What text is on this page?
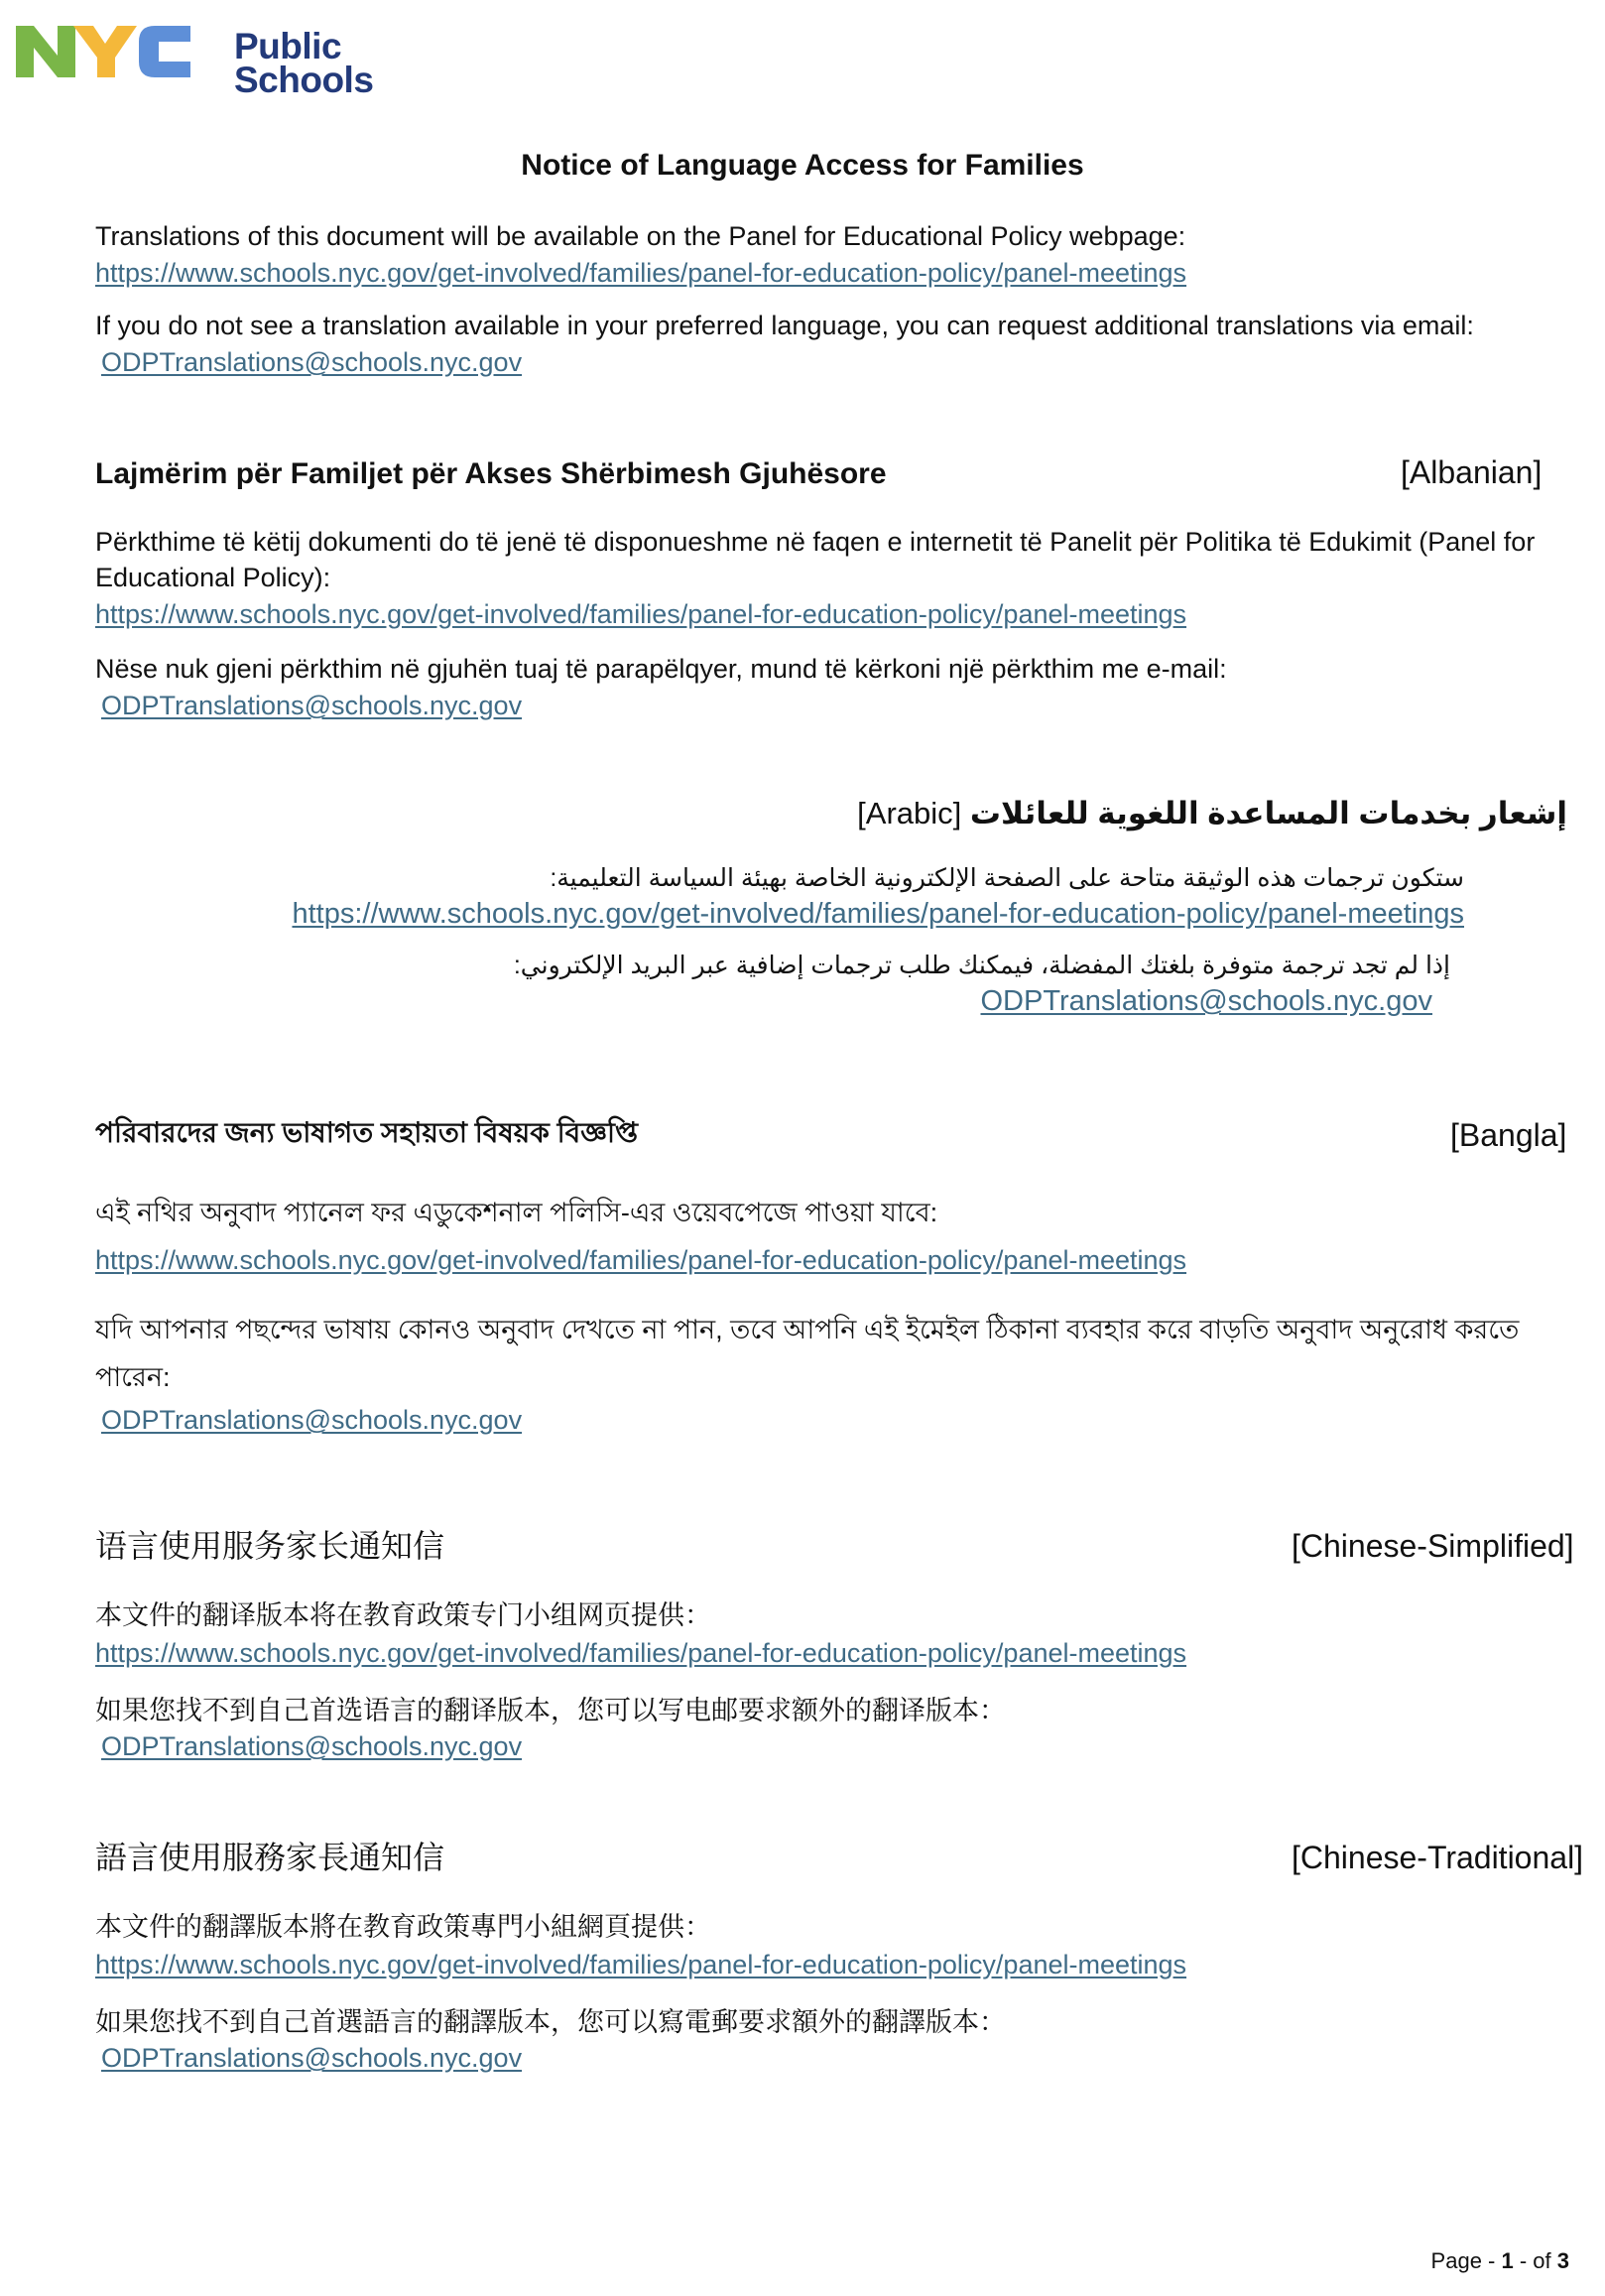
Public
Schools
Notice of Language Access for Families
Translations of this document will be available on the Panel for Educational Policy webpage:
https://www.schools.nyc.gov/get-involved/families/panel-for-education-policy/panel-meetings
If you do not see a translation available in your preferred language, you can request additional translations via email:
ODPTranslations@schools.nyc.gov
Lajmërim për Familjet për Akses Shërbimesh Gjuhësore	[Albanian]
Përkthime të këtij dokumenti do të jenë të disponueshme në faqen e internetit të Panelit për Politika të Edukimit (Panel for Educational Policy):
https://www.schools.nyc.gov/get-involved/families/panel-for-education-policy/panel-meetings
Nëse nuk gjeni përkthim në gjuhën tuaj të parapëlqyer, mund të kërkoni një përkthim me e-mail:
ODPTranslations@schools.nyc.gov
إشعار بخدمات المساعدة اللغوية للعائلات [Arabic]
ستكون ترجمات هذه الوثيقة متاحة على الصفحة الإلكترونية الخاصة بهيئة السياسة التعليمية:
https://www.schools.nyc.gov/get-involved/families/panel-for-education-policy/panel-meetings
إذا لم تجد ترجمة متوفرة بلغتك المفضلة، فيمكنك طلب ترجمات إضافية عبر البريد الإلكتروني:
ODPTranslations@schools.nyc.gov
পরিবারদের জন্য ভাষাগত সহায়তা বিষয়ক বিজ্ঞপ্তি	[Bangla]
এই নথির অনুবাদ প্যানেল ফর এডুকেশনাল পলিসি-এর ওয়েবপেজে পাওয়া যাবে:
https://www.schools.nyc.gov/get-involved/families/panel-for-education-policy/panel-meetings
যদি আপনার পছন্দের ভাষায় কোনও অনুবাদ দেখতে না পান, তবে আপনি এই ইমেইল ঠিকানা ব্যবহার করে বাড়তি অনুবাদ অনুরোধ করতে পারেন:
ODPTranslations@schools.nyc.gov
语言使用服务家长通知信	[Chinese-Simplified]
本文件的翻译版本将在教育政策专门小组网页提供：
https://www.schools.nyc.gov/get-involved/families/panel-for-education-policy/panel-meetings
如果您找不到自己首选语言的翻译版本，您可以写电邮要求额外的翻译版本：
ODPTranslations@schools.nyc.gov
語言使用服務家長通知信	[Chinese-Traditional]
本文件的翻譯版本將在教育政策專門小組網頁提供：
https://www.schools.nyc.gov/get-involved/families/panel-for-education-policy/panel-meetings
如果您找不到自己首選語言的翻譯版本，您可以寫電郵要求額外的翻譯版本：
ODPTranslations@schools.nyc.gov
Page - 1 - of 3
